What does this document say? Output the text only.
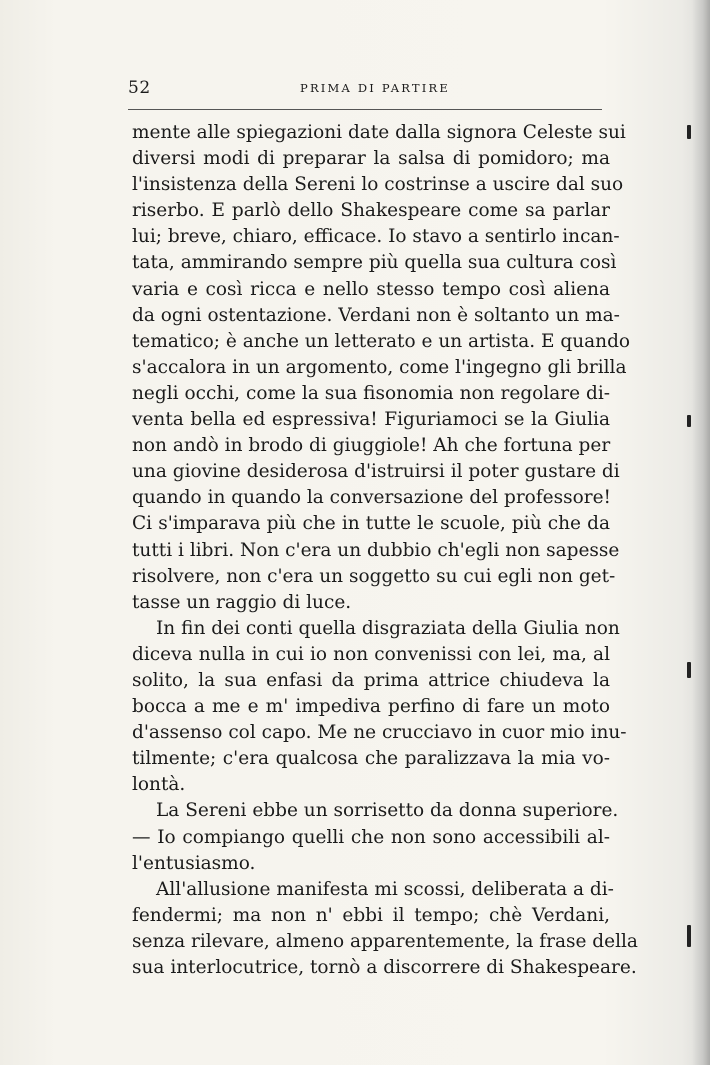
52	PRIMA DI PARTIRE
mente alle spiegazioni date dalla signora Celeste sui
diversi modi di preparar la salsa di pomidoro; ma
l'insistenza della Sereni lo costrinse a uscire dal suo
riserbo. E parlò dello Shakespeare come sa parlar
lui; breve, chiaro, efficace. Io stavo a sentirlo incan-
tata, ammirando sempre più quella sua cultura così
varia e così ricca e nello stesso tempo così aliena
da ogni ostentazione. Verdani non è soltanto un ma-
tematico; è anche un letterato e un artista. E quando
s'accalora in un argomento, come l'ingegno gli brilla
negli occhi, come la sua fisonomia non regolare di-
venta bella ed espressiva! Figuriamoci se la Giulia
non andò in brodo di giuggiole! Ah che fortuna per
una giovine desiderosa d'istruirsi il poter gustare di
quando in quando la conversazione del professore!
Ci s'imparava più che in tutte le scuole, più che da
tutti i libri. Non c'era un dubbio ch'egli non sapesse
risolvere, non c'era un soggetto su cui egli non get-
tasse un raggio di luce.
In fin dei conti quella disgraziata della Giulia non
diceva nulla in cui io non convenissi con lei, ma, al
solito, la sua enfasi da prima attrice chiudeva la
bocca a me e m' impediva perfino di fare un moto
d'assenso col capo. Me ne crucciavo in cuor mio inu-
tilmente; c'era qualcosa che paralizzava la mia vo-
lontà.
La Sereni ebbe un sorrisetto da donna superiore.
— Io compiango quelli che non sono accessibili al-
l'entusiasmo.
All'allusione manifesta mi scossi, deliberata a di-
fendermi; ma non n' ebbi il tempo; chè Verdani,
senza rilevare, almeno apparentemente, la frase della
sua interlocutrice, tornò a discorrere di Shakespeare.
